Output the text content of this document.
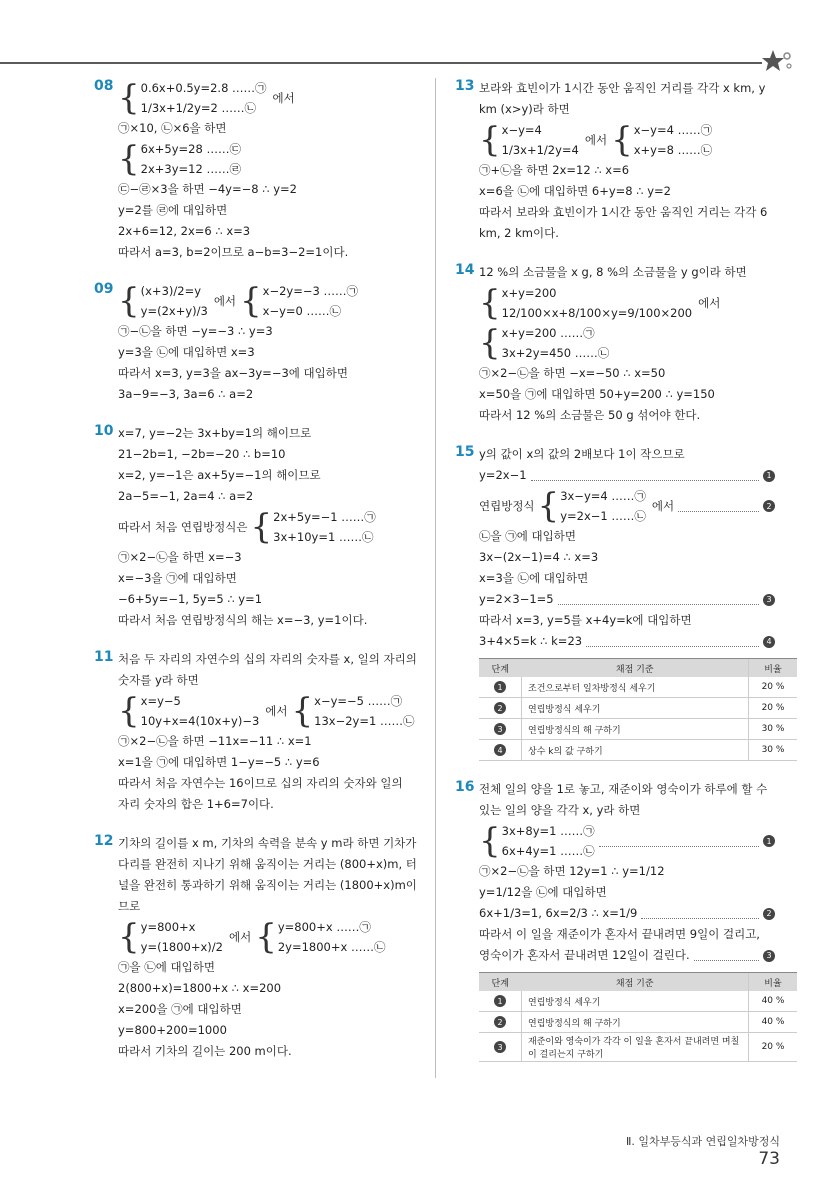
08 { 0.6x+0.5y=2.8 ……㉠
1/3x+1/2y=2 ……㉡
에서
㉠×10, ㉡×6을 하면
{ 6x+5y=28 ……㉢
2x+3y=12 ……㉣
㉢−㉣×3을 하면 −4y=−8 ∴ y=2
y=2를 ㉣에 대입하면
2x+6=12, 2x=6 ∴ x=3
따라서 a=3, b=2이므로 a−b=3−2=1이다.
09 { (x+3)/2=y
y=(2x+y)/3
에서 { x−2y=−3 ……㉠
x−y=0 ……㉡
㉠−㉡을 하면 −y=−3 ∴ y=3
y=3을 ㉡에 대입하면 x=3
따라서 x=3, y=3을 ax−3y=−3에 대입하면
3a−9=−3, 3a=6 ∴ a=2
10 x=7, y=−2는 3x+by=1의 해이므로
21−2b=1, −2b=−20 ∴ b=10
x=2, y=−1은 ax+5y=−1의 해이므로
2a−5=−1, 2a=4 ∴ a=2
따라서 처음 연립방정식은 { 2x+5y=−1 ……㉠
3x+10y=1 ……㉡
㉠×2−㉡을 하면 x=−3
x=−3을 ㉠에 대입하면
−6+5y=−1, 5y=5 ∴ y=1
따라서 처음 연립방정식의 해는 x=−3, y=1이다.
11 처음 두 자리의 자연수의 십의 자리의 숫자를 x, 일의 자리의 숫자를 y라 하면
{ x=y−5
10y+x=4(10x+y)−3
에서 { x−y=−5 ……㉠
13x−2y=1 ……㉡
㉠×2−㉡을 하면 −11x=−11 ∴ x=1
x=1을 ㉠에 대입하면 1−y=−5 ∴ y=6
따라서 처음 자연수는 16이므로 십의 자리의 숫자와 일의
자리 숫자의 합은 1+6=7이다.
12 기차의 길이를 x m, 기차의 속력을 분속 y m라 하면 기차가 다리를 완전히 지나기 위해 움직이는 거리는 (800+x)m, 터널을 완전히 통과하기 위해 움직이는 거리는 (1800+x)m이므로
{ y=800+x
y=(1800+x)/2
에서 { y=800+x ……㉠
2y=1800+x ……㉡
㉠을 ㉡에 대입하면
2(800+x)=1800+x ∴ x=200
x=200을 ㉠에 대입하면
y=800+200=1000
따라서 기차의 길이는 200 m이다.
13 보라와 효빈이가 1시간 동안 움직인 거리를 각각 x km, y km (x>y)라 하면
{ x−y=4
1/3x+1/2y=4
에서 { x−y=4 ……㉠
x+y=8 ……㉡
㉠+㉡을 하면 2x=12 ∴ x=6
x=6을 ㉡에 대입하면 6+y=8 ∴ y=2
따라서 보라와 효빈이가 1시간 동안 움직인 거리는 각각 6 km, 2 km이다.
14 12 %의 소금물을 x g, 8 %의 소금물을 y g이라 하면
{ x+y=200
12/100×x+8/100×y=9/100×200
에서
{ x+y=200 ……㉠
3x+2y=450 ……㉡
㉠×2−㉡을 하면 −x=−50 ∴ x=50
x=50을 ㉠에 대입하면 50+y=200 ∴ y=150
따라서 12 %의 소금물은 50 g 섞어야 한다.
15 y의 값이 x의 값의 2배보다 1이 작으므로
y=2x−1	1
연립방정식 { 3x−y=4 ……㉠
y=2x−1 ……㉡
에서	2
㉡을 ㉠에 대입하면
3x−(2x−1)=4 ∴ x=3
x=3을 ㉡에 대입하면
y=2×3−1=5	3
따라서 x=3, y=5를 x+4y=k에 대입하면
3+4×5=k ∴ k=23	4
단계	채점 기준	비율
1	조건으로부터 일차방정식 세우기	20 %
2	연립방정식 세우기	20 %
3	연립방정식의 해 구하기	30 %
4	상수 k의 값 구하기	30 %
16 전체 일의 양을 1로 놓고, 재준이와 영숙이가 하루에 할 수 있는 일의 양을 각각 x, y라 하면
{ 3x+8y=1 ……㉠
6x+4y=1 ……㉡
1
㉠×2−㉡을 하면 12y=1 ∴ y=1/12
y=1/12을 ㉡에 대입하면
6x+1/3=1, 6x=2/3 ∴ x=1/9	2
따라서 이 일을 재준이가 혼자서 끝내려면 9일이 걸리고,
영숙이가 혼자서 끝내려면 12일이 걸린다.	3
단계	채점 기준	비율
1	연립방정식 세우기	40 %
2	연립방정식의 해 구하기	40 %
3	재준이와 영숙이가 각각 이 일을 혼자서 끝내려면 며칠이 걸리는지 구하기	20 %
Ⅱ. 일차부등식과 연립일차방정식73
